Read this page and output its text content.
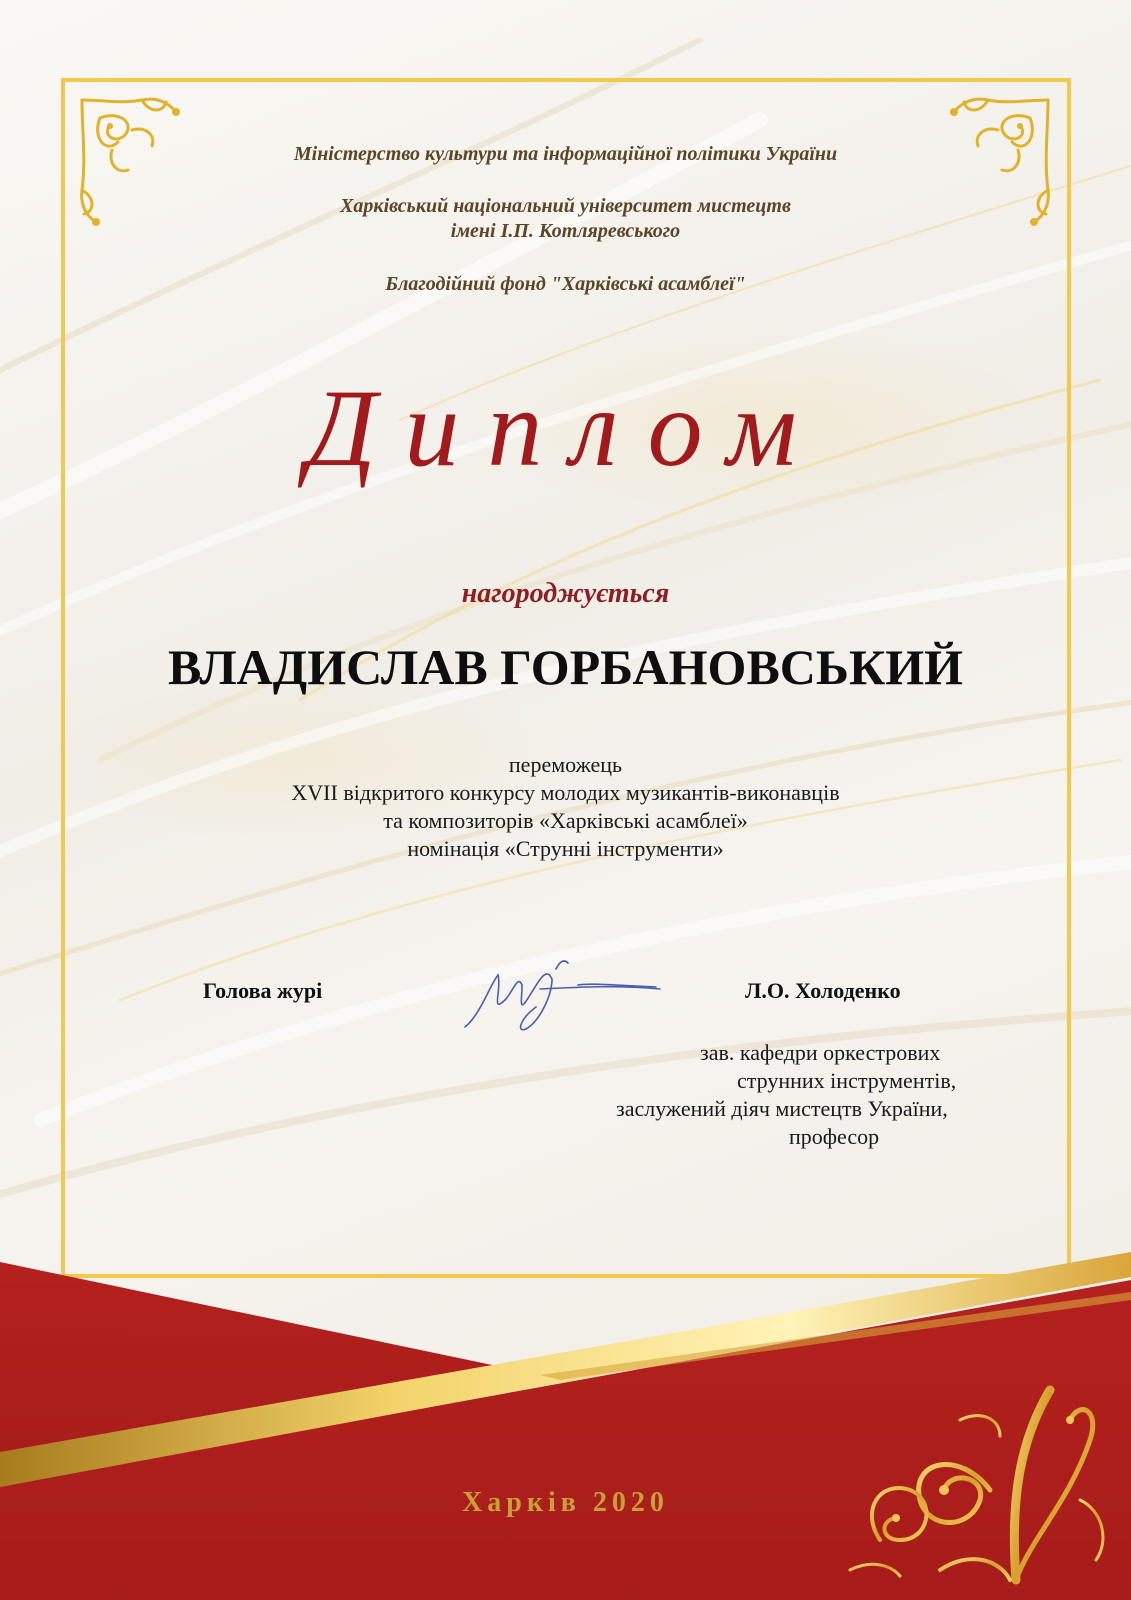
Міністерство культури та інформаційної політики України
Харківський національний університет мистецтв
імені І.П. Котляревського
Благодійний фонд "Харківські асамблеї"
Диплом
нагороджується
ВЛАДИСЛАВ ГОРБАНОВСЬКИЙ
переможець
XVII відкритого конкурсу молодих музикантів-виконавців
та композиторів «Харківські асамблеї»
номінація «Струнні інструменти»
Голова журі	Л.О. Холоденко
зав. кафедри оркестрових
струнних інструментів,
заслужений діяч мистецтв України,
професор
Харків 2020
